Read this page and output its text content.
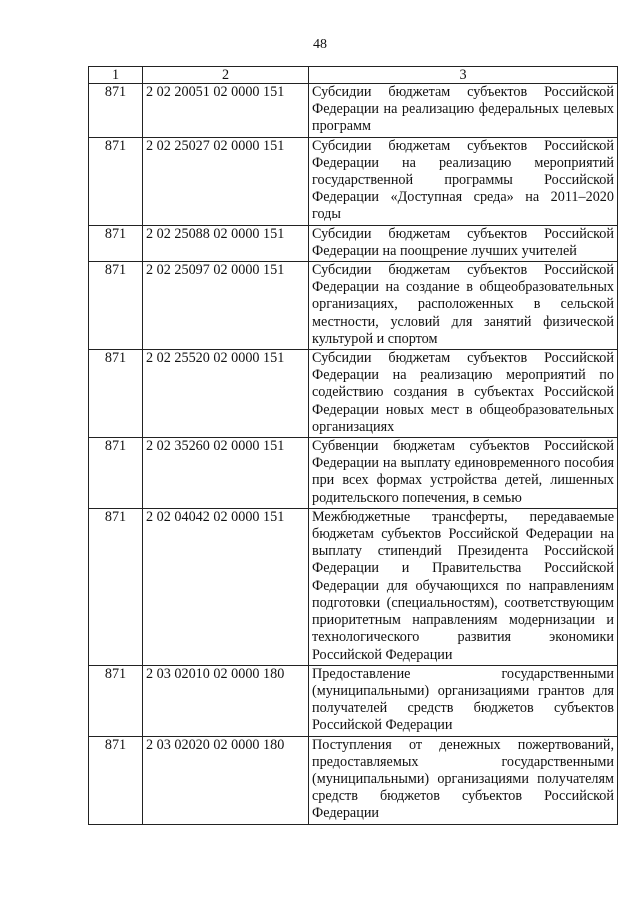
48
1	2	3
871	2 02 20051 02 0000 151	Субсидии бюджетам субъектов Российской Федерации на реализацию федеральных целевых программ
871	2 02 25027 02 0000 151	Субсидии бюджетам субъектов Российской Федерации на реализацию мероприятий государственной программы Российской Федерации «Доступная среда» на 2011–2020 годы
871	2 02 25088 02 0000 151	Субсидии бюджетам субъектов Российской Федерации на поощрение лучших учителей
871	2 02 25097 02 0000 151	Субсидии бюджетам субъектов Российской Федерации на создание в общеобразовательных организациях, расположенных в сельской местности, условий для занятий физической культурой и спортом
871	2 02 25520 02 0000 151	Субсидии бюджетам субъектов Российской Федерации на реализацию мероприятий по содействию создания в субъектах Российской Федерации новых мест в общеобразовательных организациях
871	2 02 35260 02 0000 151	Субвенции бюджетам субъектов Российской Федерации на выплату единовременного пособия при всех формах устройства детей, лишенных родительского попечения, в семью
871	2 02 04042 02 0000 151	Межбюджетные трансферты, передаваемые бюджетам субъектов Российской Федерации на выплату стипендий Президента Российской Федерации и Правительства Российской Федерации для обучающихся по направлениям подготовки (специальностям), соответствующим приоритетным направлениям модернизации и технологического развития экономики Российской Федерации
871	2 03 02010 02 0000 180	Предоставление государственными (муниципальными) организациями грантов для получателей средств бюджетов субъектов Российской Федерации
871	2 03 02020 02 0000 180	Поступления от денежных пожертвований, предоставляемых государственными (муниципальными) организациями получателям средств бюджетов субъектов Российской Федерации
